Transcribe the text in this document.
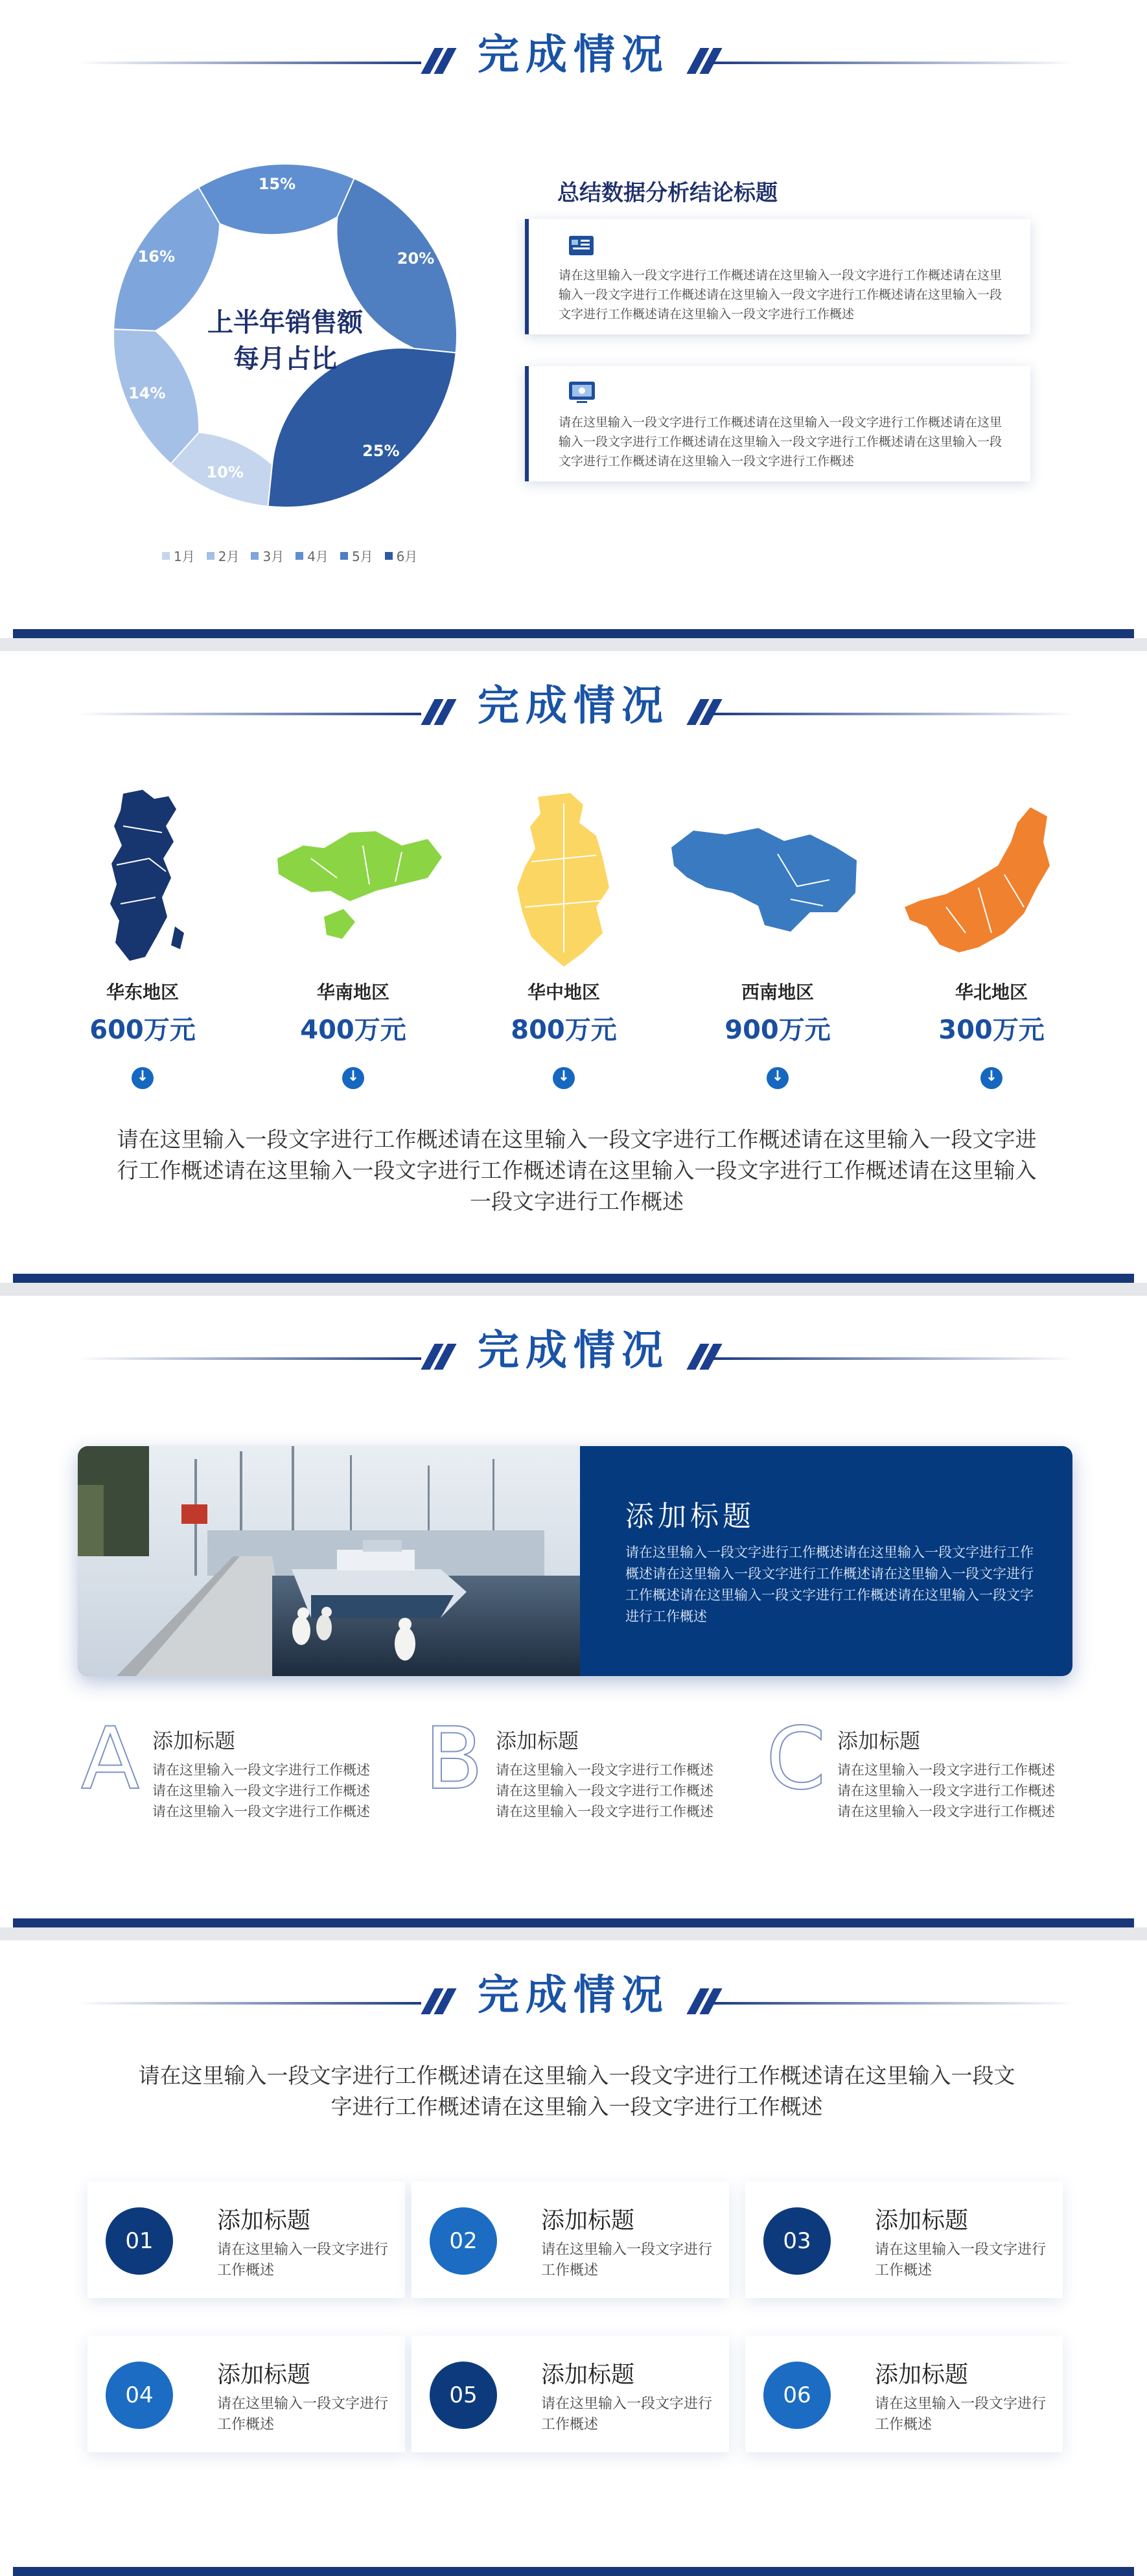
完成情况
上半年销售额
每月占比
10%
14%
16%
15%
20%
25%
1月 2月 3月 4月 5月 6月
总结数据分析结论标题

请在这里输入一段文字进行工作概述请在这里输入一段文字进行工作概述请在这里输入一段文字进行工作概述请在这里输入一段文字进行工作概述请在这里输入一段文字进行工作概述请在这里输入一段文字进行工作概述

请在这里输入一段文字进行工作概述请在这里输入一段文字进行工作概述请在这里输入一段文字进行工作概述请在这里输入一段文字进行工作概述请在这里输入一段文字进行工作概述请在这里输入一段文字进行工作概述

完成情况
华东地区
600万元
↓
华南地区
400万元
↓
华中地区
800万元
↓
西南地区
900万元
↓
华北地区
300万元
↓
请在这里输入一段文字进行工作概述请在这里输入一段文字进行工作概述请在这里输入一段文字进行工作概述请在这里输入一段文字进行工作概述请在这里输入一段文字进行工作概述请在这里输入一段文字进行工作概述
完成情况
添加标题
请在这里输入一段文字进行工作概述请在这里输入一段文字进行工作概述请在这里输入一段文字进行工作概述请在这里输入一段文字进行工作概述请在这里输入一段文字进行工作概述请在这里输入一段文字进行工作概述
A 添加标题
请在这里输入一段文字进行工作概述请在这里输入一段文字进行工作概述请在这里输入一段文字进行工作概述
B 添加标题
请在这里输入一段文字进行工作概述请在这里输入一段文字进行工作概述请在这里输入一段文字进行工作概述
C 添加标题
请在这里输入一段文字进行工作概述请在这里输入一段文字进行工作概述请在这里输入一段文字进行工作概述
完成情况
请在这里输入一段文字进行工作概述请在这里输入一段文字进行工作概述请在这里输入一段文字进行工作概述请在这里输入一段文字进行工作概述
01
添加标题
请在这里输入一段文字进行工作概述
02
添加标题
请在这里输入一段文字进行工作概述
03
添加标题
请在这里输入一段文字进行工作概述
04
添加标题
请在这里输入一段文字进行工作概述
05
添加标题
请在这里输入一段文字进行工作概述
06
添加标题
请在这里输入一段文字进行工作概述
